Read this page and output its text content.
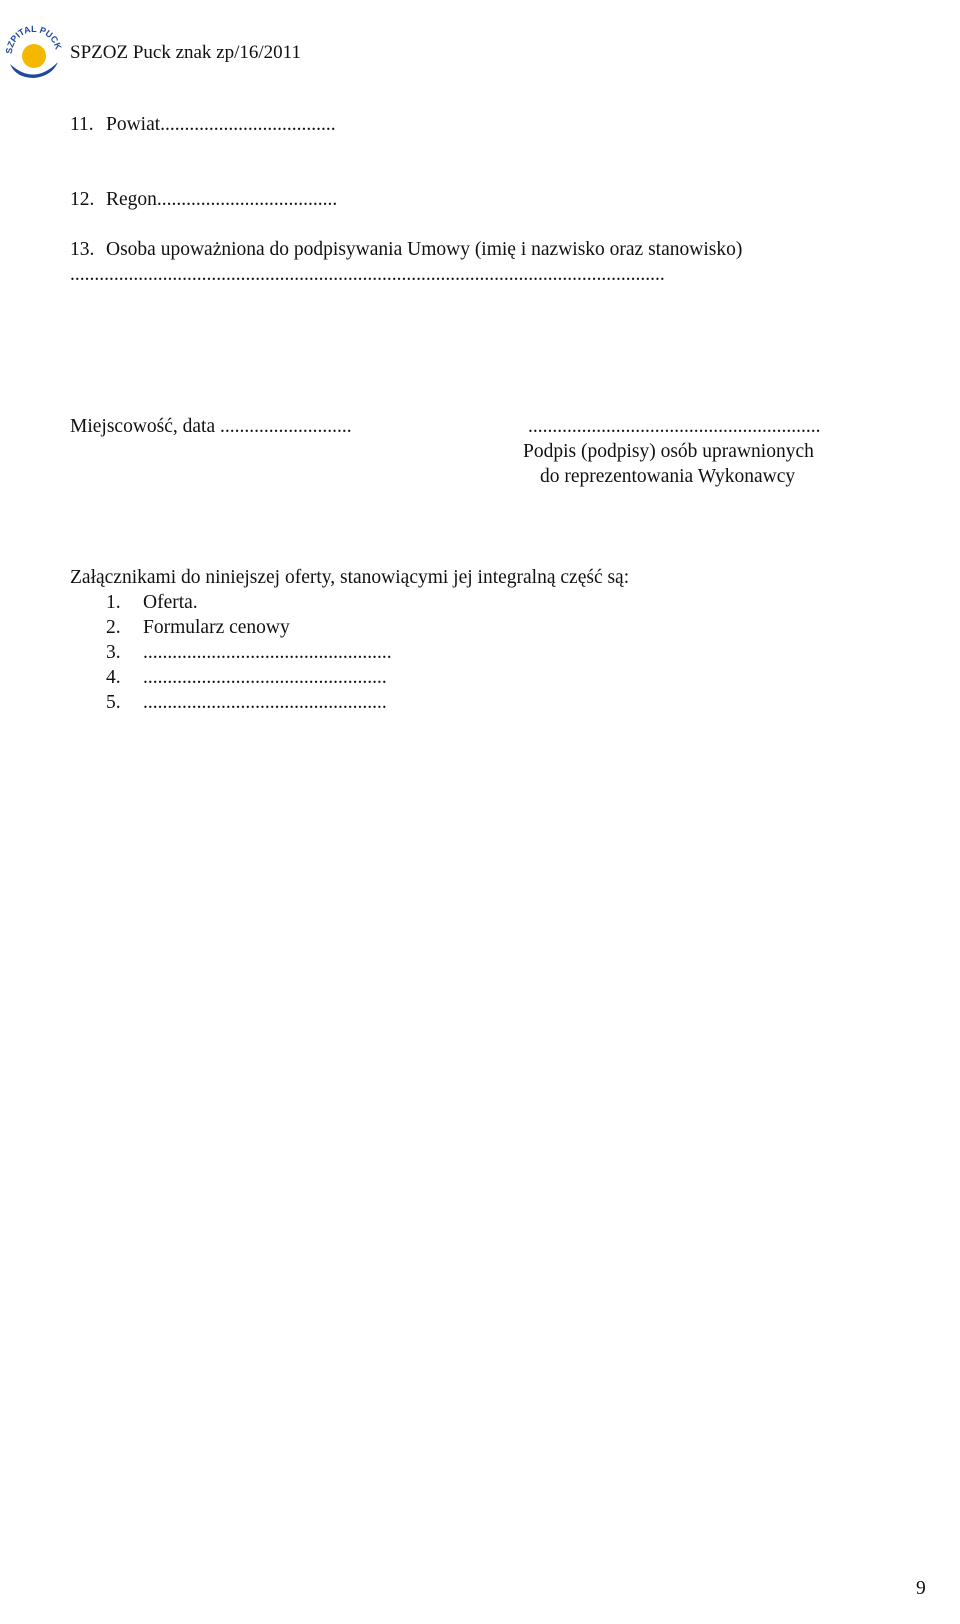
SZPITAL PUCK SPZOZ Puck znak zp/16/2011
11. Powiat....................................
12. Regon.....................................
13. Osoba upoważniona do podpisywania Umowy (imię i nazwisko oraz stanowisko)
..........................................................................................................................
Miejscowość, data ...........................	............................................................
Podpis (podpisy) osób uprawnionych
do reprezentowania Wykonawcy
Załącznikami do niniejszej oferty, stanowiącymi jej integralną część są:
1. Oferta.
2. Formularz cenowy
3. ...................................................
4. ..................................................
5. ..................................................
9
